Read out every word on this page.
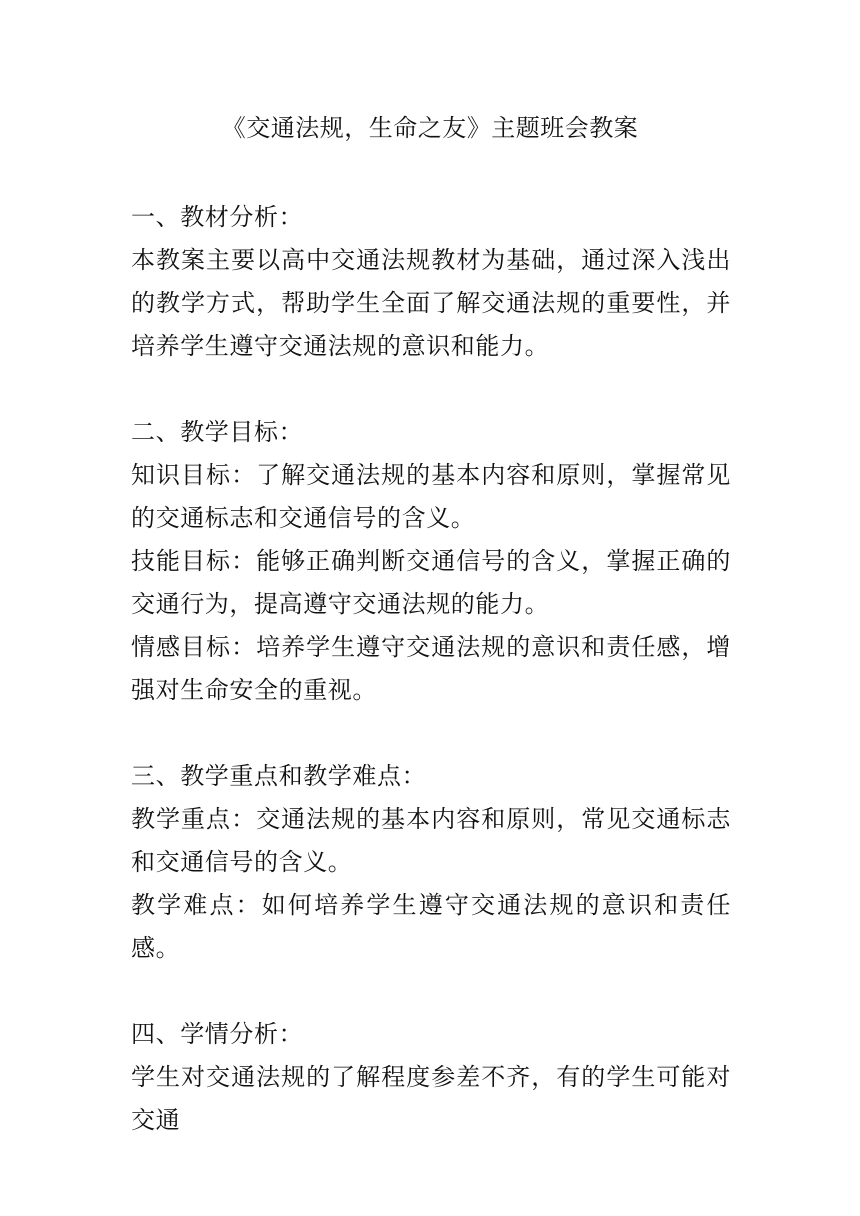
《交通法规，生命之友》主题班会教案

一、教材分析：

本教案主要以高中交通法规教材为基础，通过深入浅出的教学方式，帮助学生全面了解交通法规的重要性，并培养学生遵守交通法规的意识和能力。

二、教学目标：

知识目标：了解交通法规的基本内容和原则，掌握常见的交通标志和交通信号的含义。

技能目标：能够正确判断交通信号的含义，掌握正确的交通行为，提高遵守交通法规的能力。

情感目标：培养学生遵守交通法规的意识和责任感，增强对生命安全的重视。

三、教学重点和教学难点：

教学重点：交通法规的基本内容和原则，常见交通标志和交通信号的含义。

教学难点：如何培养学生遵守交通法规的意识和责任感。

四、学情分析：

学生对交通法规的了解程度参差不齐，有的学生可能对交通
